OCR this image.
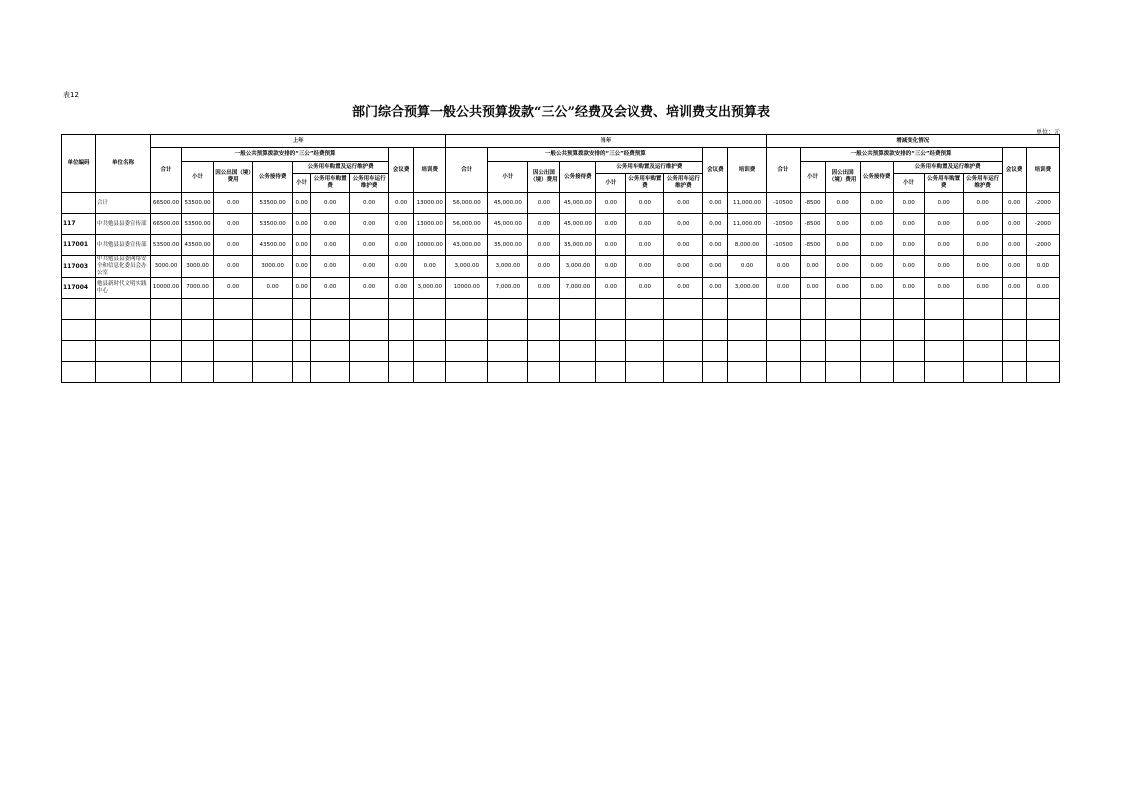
表12
部门综合预算一般公共预算拨款“三公”经费及会议费、培训费支出预算表
单位：元
单位编码	单位名称	上年									当年									增减变化情况								
		合计	一般公共预算拨款安排的“三公”经费预算						会议费	培训费	合计	一般公共预算拨款安排的“三公”经费预算						会议费	培训费	合计	一般公共预算拨款安排的“三公”经费预算						会议费	培训费
			小计	因公出国（境）费用	公务接待费	公务用车购置及运行维护费						小计	因公出国（境）费用	公务接待费	公务用车购置及运行维护费						小计	因公出国（境）费用	公务接待费	公务用车购置及运行维护费				
						小计	公务用车购置费	公务用车运行维护费							小计	公务用车购置费	公务用车运行维护费							小计	公务用车购置费	公务用车运行维护费		
	合计	66500.00	53500.00	0.00	53500.00	0.00	0.00	0.00	0.00	13000.00	56,000.00	45,000.00	0.00	45,000.00	0.00	0.00	0.00	0.00	11,000.00	-10500	-8500	0.00	0.00	0.00	0.00	0.00	0.00	-2000
117	中共勉县县委宣传部	66500.00	53500.00	0.00	53500.00	0.00	0.00	0.00	0.00	13000.00	56,000.00	45,000.00	0.00	45,000.00	0.00	0.00	0.00	0.00	11,000.00	-10500	-8500	0.00	0.00	0.00	0.00	0.00	0.00	-2000
117001	中共勉县县委宣传部	53500.00	43500.00	0.00	43500.00	0.00	0.00	0.00	0.00	10000.00	43,000.00	35,000.00	0.00	35,000.00	0.00	0.00	0.00	0.00	8,000.00	-10500	-8500	0.00	0.00	0.00	0.00	0.00	0.00	-2000
117003	中共勉县县委网络安全和信息化委员会办公室	3000.00	3000.00	0.00	3000.00	0.00	0.00	0.00	0.00	0.00	3,000.00	3,000.00	0.00	3,000.00	0.00	0.00	0.00	0.00	0.00	0.00	0.00	0.00	0.00	0.00	0.00	0.00	0.00	0.00
117004	勉县新时代文明实践中心	10000.00	7000.00	0.00	0.00	0.00	0.00	0.00	0.00	3,000.00	10000.00	7,000.00	0.00	7,000.00	0.00	0.00	0.00	0.00	3,000.00	0.00	0.00	0.00	0.00	0.00	0.00	0.00	0.00	0.00
